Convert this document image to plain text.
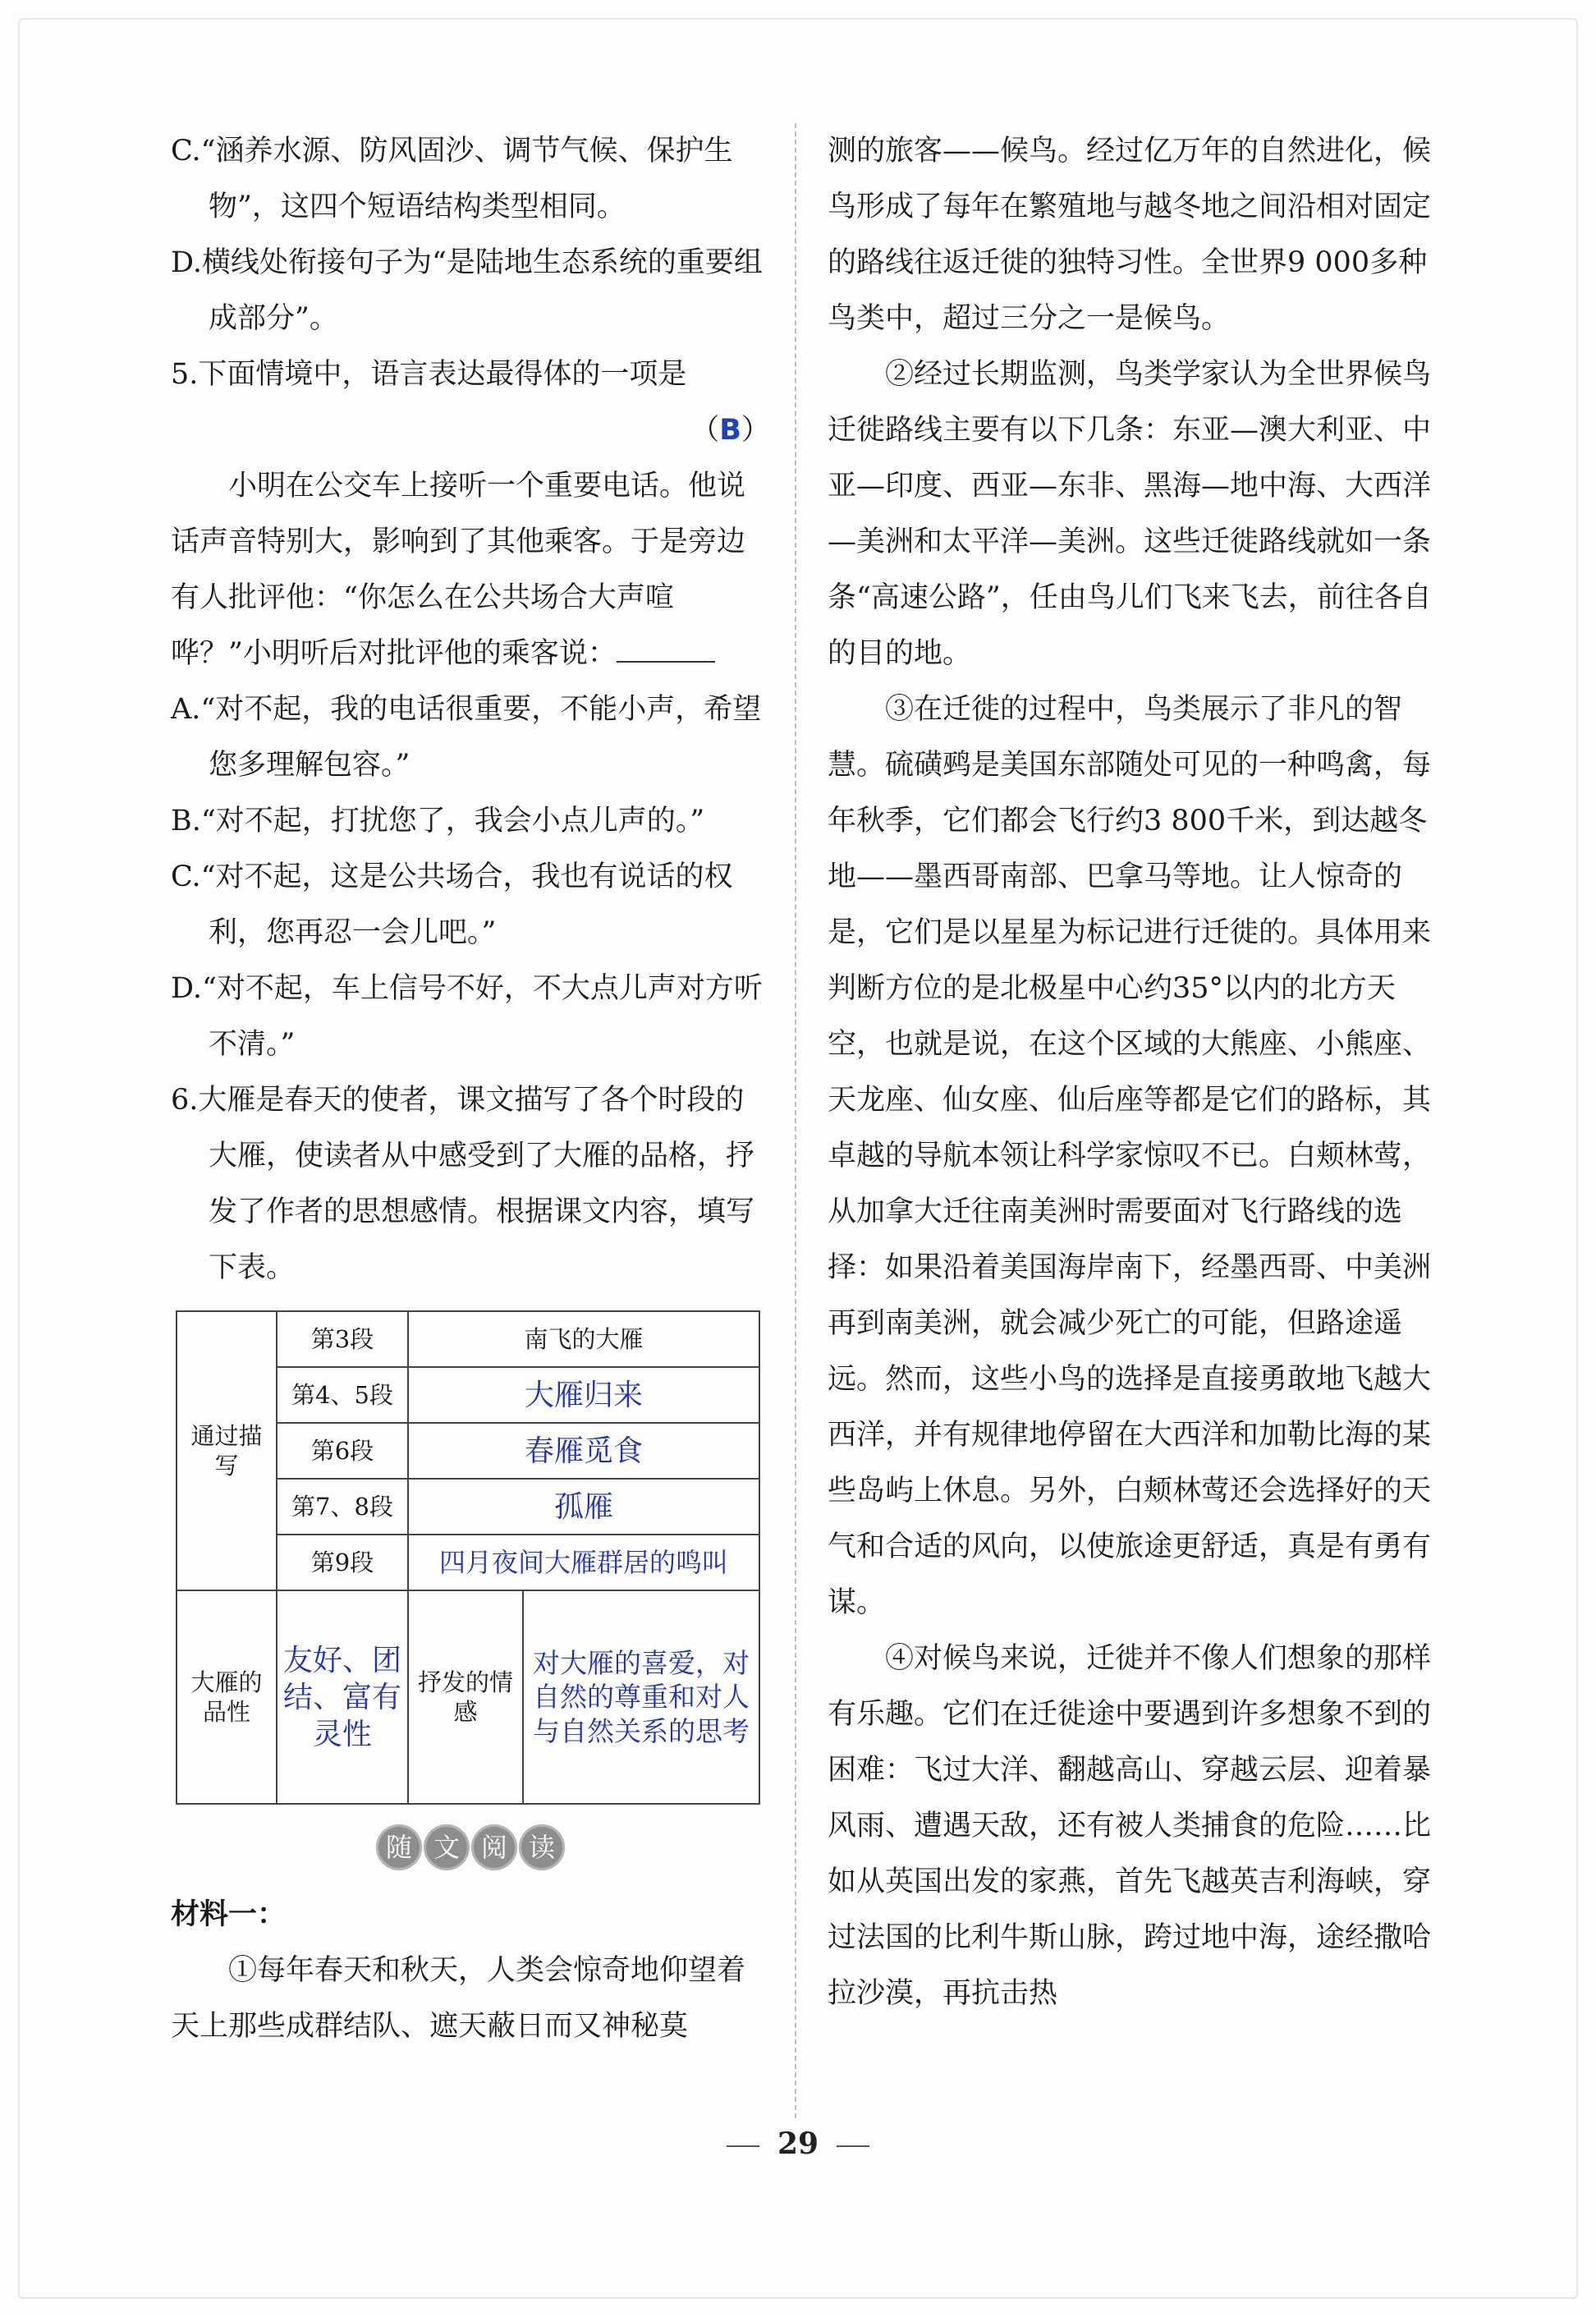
C.“涵养水源、防风固沙、调节气候、保护生物”，这四个短语结构类型相同。

D.横线处衔接句子为“是陆地生态系统的重要组成部分”。

5.下面情境中，语言表达最得体的一项是

（B）

小明在公交车上接听一个重要电话。他说话声音特别大，影响到了其他乘客。于是旁边有人批评他：“你怎么在公共场合大声喧哗？”小明听后对批评他的乘客说：

A.“对不起，我的电话很重要，不能小声，希望您多理解包容。”

B.“对不起，打扰您了，我会小点儿声的。”

C.“对不起，这是公共场合，我也有说话的权利，您再忍一会儿吧。”

D.“对不起，车上信号不好，不大点儿声对方听不清。”

6.大雁是春天的使者，课文描写了各个时段的大雁，使读者从中感受到了大雁的品格，抒发了作者的思想感情。根据课文内容，填写下表。

通过描写	第3段	南飞的大雁	
	第4、5段	大雁归来	
	第6段	春雁觅食	
	第7、8段	孤雁	
	第9段	四月夜间大雁群居的鸣叫	
大雁的品性	友好、团结、富有灵性	抒发的情感	对大雁的喜爱，对自然的尊重和对人与自然关系的思考
随 文 阅 读

材料一：

①每年春天和秋天，人类会惊奇地仰望着天上那些成群结队、遮天蔽日而又神秘莫

测的旅客——候鸟。经过亿万年的自然进化，候鸟形成了每年在繁殖地与越冬地之间沿相对固定的路线往返迁徙的独特习性。全世界9 000多种鸟类中，超过三分之一是候鸟。

②经过长期监测，鸟类学家认为全世界候鸟迁徙路线主要有以下几条：东亚—澳大利亚、中亚—印度、西亚—东非、黑海—地中海、大西洋—美洲和太平洋—美洲。这些迁徙路线就如一条条“高速公路”，任由鸟儿们飞来飞去，前往各自的目的地。

③在迁徙的过程中，鸟类展示了非凡的智慧。硫磺鹀是美国东部随处可见的一种鸣禽，每年秋季，它们都会飞行约3 800千米，到达越冬地——墨西哥南部、巴拿马等地。让人惊奇的是，它们是以星星为标记进行迁徙的。具体用来判断方位的是北极星中心约35°以内的北方天空，也就是说，在这个区域的大熊座、小熊座、天龙座、仙女座、仙后座等都是它们的路标，其卓越的导航本领让科学家惊叹不已。白颊林莺，从加拿大迁往南美洲时需要面对飞行路线的选择：如果沿着美国海岸南下，经墨西哥、中美洲再到南美洲，就会减少死亡的可能，但路途遥远。然而，这些小鸟的选择是直接勇敢地飞越大西洋，并有规律地停留在大西洋和加勒比海的某些岛屿上休息。另外，白颊林莺还会选择好的天气和合适的风向，以使旅途更舒适，真是有勇有谋。

④对候鸟来说，迁徙并不像人们想象的那样有乐趣。它们在迁徙途中要遇到许多想象不到的困难：飞过大洋、翻越高山、穿越云层、迎着暴风雨、遭遇天敌，还有被人类捕食的危险……比如从英国出发的家燕，首先飞越英吉利海峡，穿过法国的比利牛斯山脉，跨过地中海，途经撒哈拉沙漠，再抗击热

29
